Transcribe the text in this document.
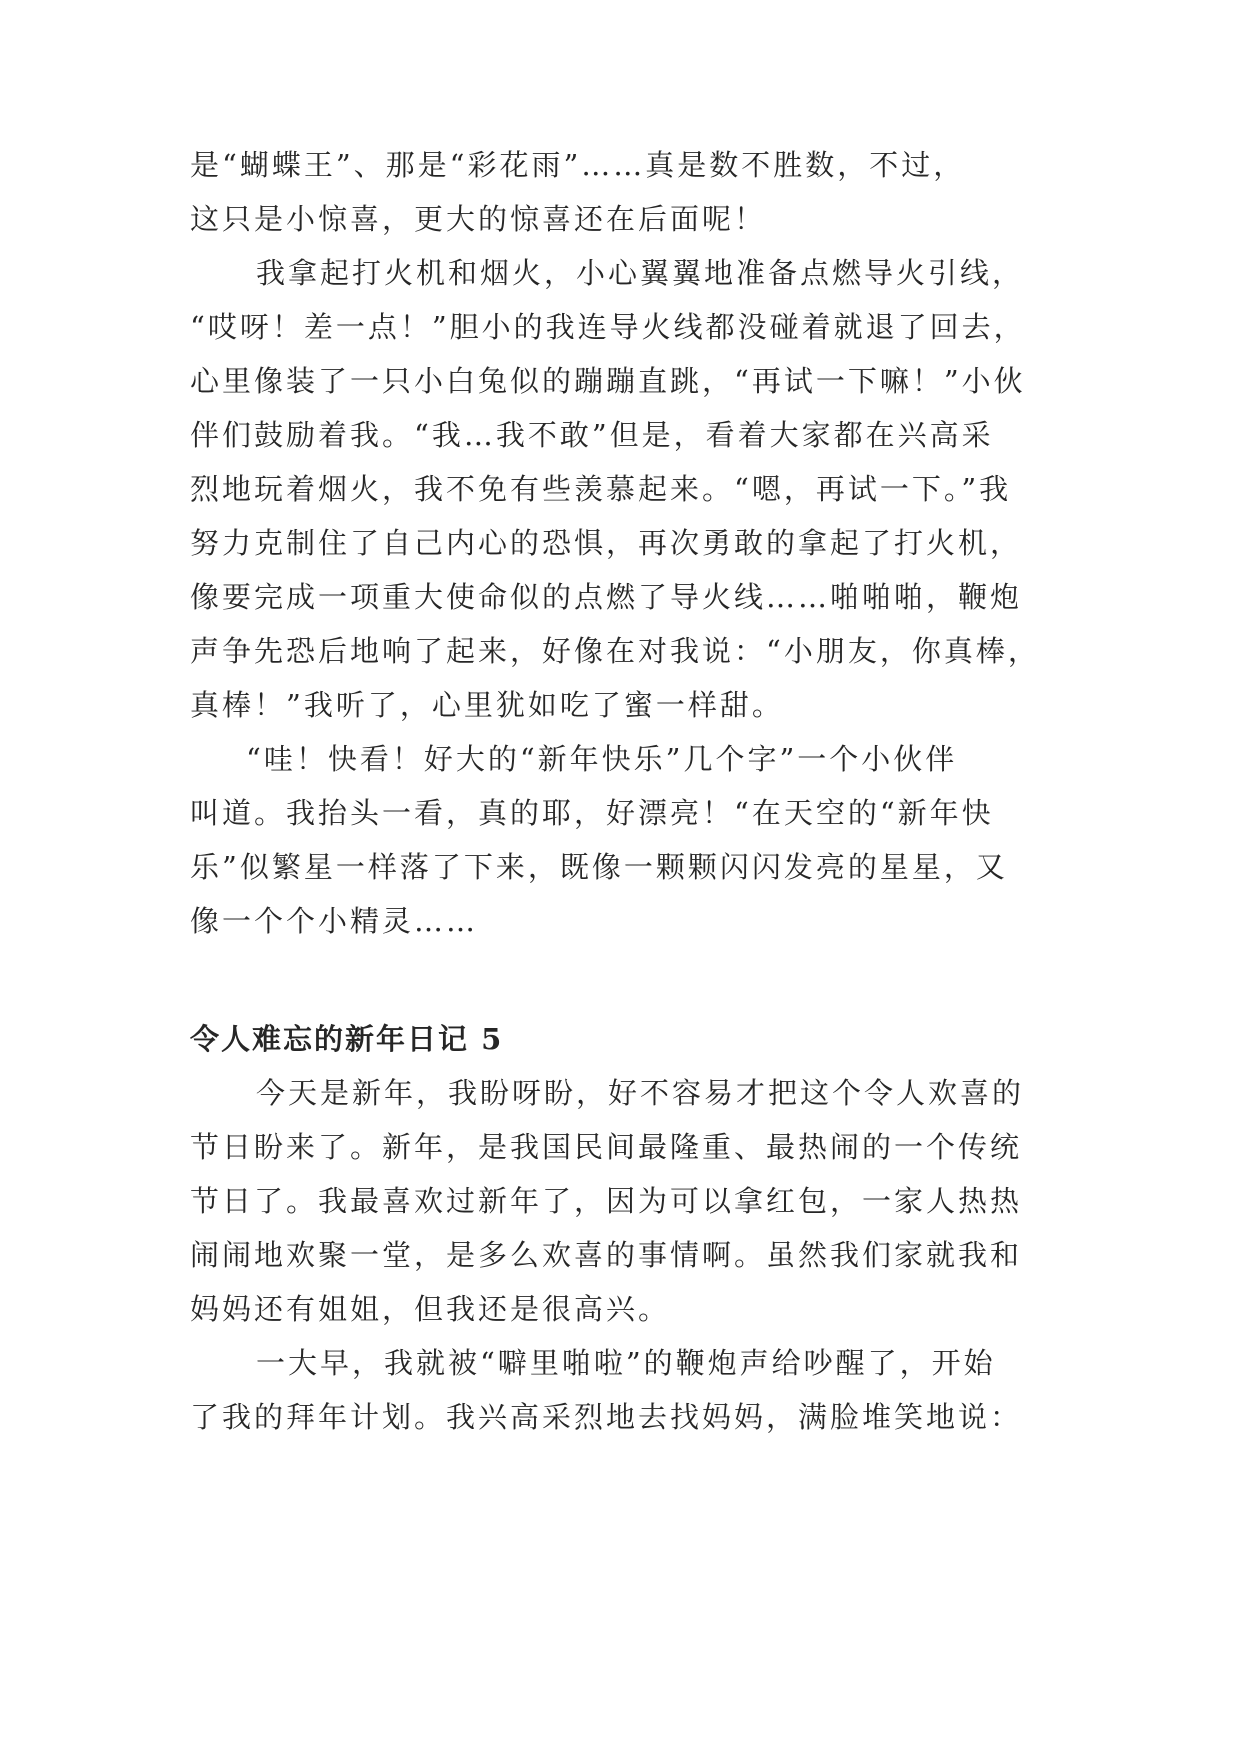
是“蝴蝶王”、那是“彩花雨”……真是数不胜数，不过，

这只是小惊喜，更大的惊喜还在后面呢！

我拿起打火机和烟火，小心翼翼地准备点燃导火引线，

“哎呀！差一点！”胆小的我连导火线都没碰着就退了回去，

心里像装了一只小白兔似的蹦蹦直跳，“再试一下嘛！”小伙

伴们鼓励着我。“我…我不敢”但是，看着大家都在兴高采

烈地玩着烟火，我不免有些羡慕起来。“嗯，再试一下。”我

努力克制住了自己内心的恐惧，再次勇敢的拿起了打火机，

像要完成一项重大使命似的点燃了导火线……啪啪啪，鞭炮

声争先恐后地响了起来，好像在对我说：“小朋友，你真棒，

真棒！”我听了，心里犹如吃了蜜一样甜。

“哇！快看！好大的“新年快乐”几个字”一个小伙伴

叫道。我抬头一看，真的耶，好漂亮！“在天空的“新年快

乐”似繁星一样落了下来，既像一颗颗闪闪发亮的星星，又

像一个个小精灵……

令人难忘的新年日记 5

今天是新年，我盼呀盼，好不容易才把这个令人欢喜的

节日盼来了。新年，是我国民间最隆重、最热闹的一个传统

节日了。我最喜欢过新年了，因为可以拿红包，一家人热热

闹闹地欢聚一堂，是多么欢喜的事情啊。虽然我们家就我和

妈妈还有姐姐，但我还是很高兴。

一大早，我就被“噼里啪啦”的鞭炮声给吵醒了，开始

了我的拜年计划。我兴高采烈地去找妈妈，满脸堆笑地说：
